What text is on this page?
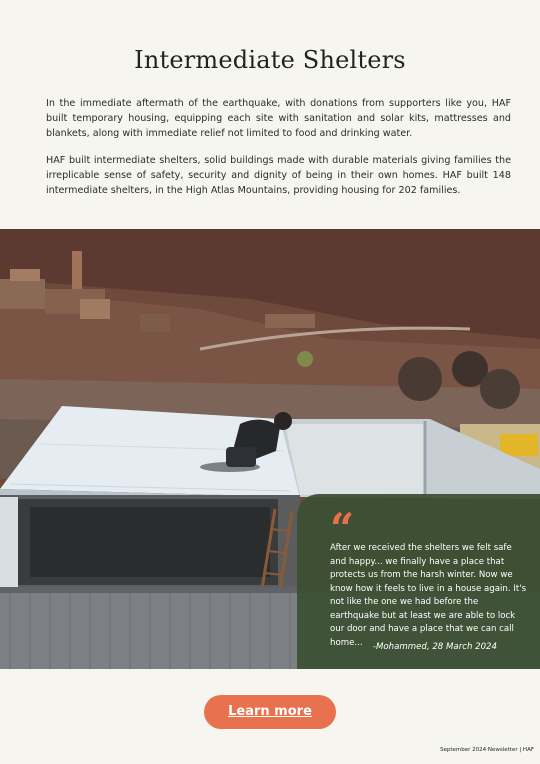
Intermediate Shelters

In the immediate aftermath of the earthquake, with donations from supporters like you, HAF built temporary housing, equipping each site with sanitation and solar kits, mattresses and blankets, along with immediate relief not limited to food and drinking water.

HAF built intermediate shelters, solid buildings made with durable materials giving families the irreplicable sense of safety, security and dignity of being in their own homes. HAF built 148 intermediate shelters, in the High Atlas Mountains, providing housing for 202 families.

“

After we received the shelters we felt safe and happy... we finally have a place that protects us from the harsh winter. Now we know how it feels to live in a house again. It's not like the one we had before the earthquake but at least we are able to lock our door and have a place that we can call home...	-Mohammed, 28 March 2024
Learn more
September 2024 Newsletter | HAF
